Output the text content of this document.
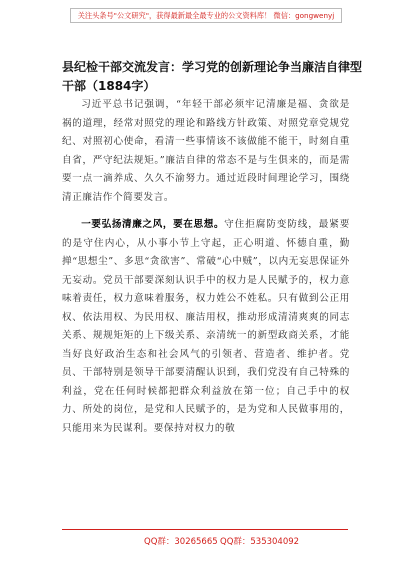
关注头条号"公文研究"，获得最新最全最专业的公文资料库！ 微信：gongwenyj
县纪检干部交流发言：学习党的创新理论争当廉洁自律型干部（1884字）

习近平总书记强调，“年轻干部必须牢记清廉是福、贪欲是祸的道理，经常对照党的理论和路线方针政策、对照党章党规党纪、对照初心使命，看清一些事情该不该做能不能干，时刻自重自省，严守纪法规矩。”廉洁自律的常态不是与生俱来的，而是需要一点一滴养成、久久不渝努力。通过近段时间理论学习，围绕清正廉洁作个简要发言。

一要弘扬清廉之风，要在思想。守住拒腐防变防线，最紧要的是守住内心，从小事小节上守起，正心明道、怀德自重，勤掸“思想尘”、多思“贪欲害”、常破“心中贼”，以内无妄思保证外无妄动。党员干部要深刻认识手中的权力是人民赋予的，权力意味着责任，权力意味着服务，权力姓公不姓私。只有做到公正用权、依法用权、为民用权、廉洁用权，推动形成清清爽爽的同志关系、规规矩矩的上下级关系、亲清统一的新型政商关系，才能当好良好政治生态和社会风气的引领者、营造者、维护者。党员、干部特别是领导干部要清醒认识到，我们党没有自己特殊的利益，党在任何时候都把群众利益放在第一位；自己手中的权力、所处的岗位，是党和人民赋予的，是为党和人民做事用的，只能用来为民谋利。要保持对权力的敬

QQ群：30265665 QQ群：535304092
